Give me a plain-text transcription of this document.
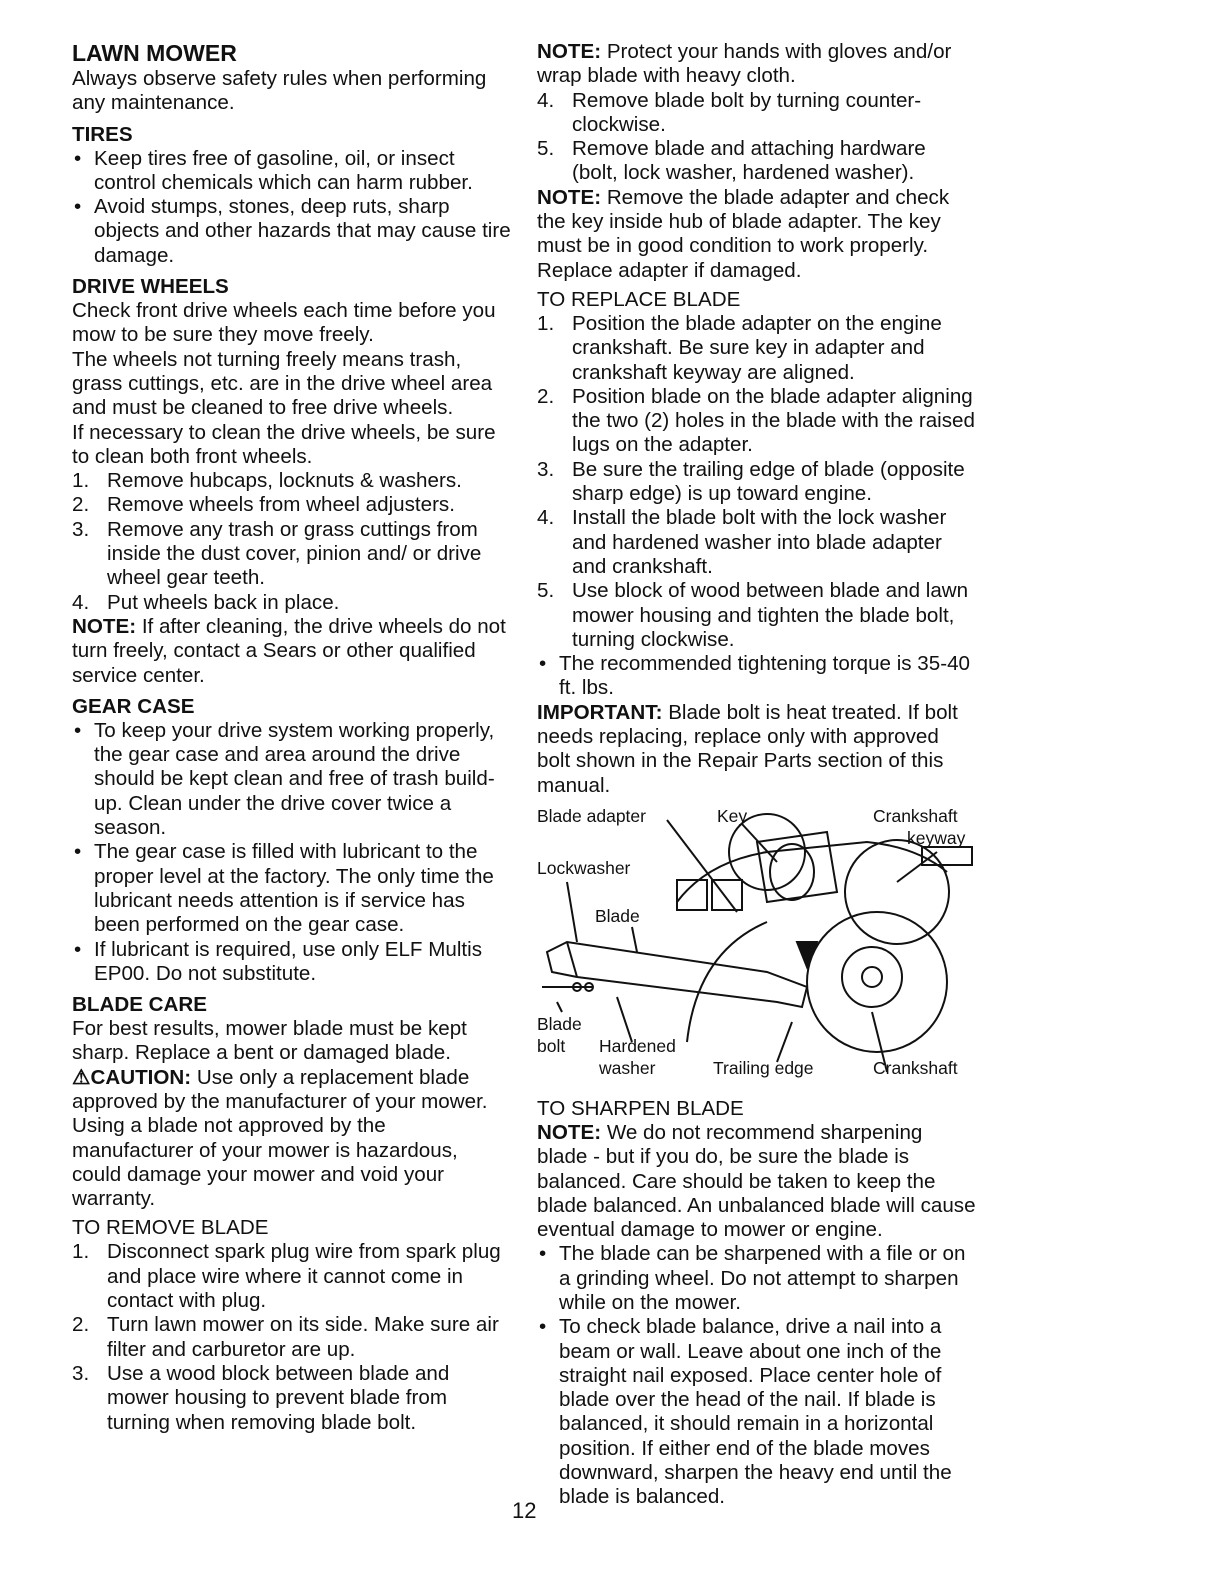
LAWN MOWER

Always observe safety rules when performing any maintenance.

TIRES
• Keep tires free of gasoline, oil, or insect control chemicals which can harm rubber.
• Avoid stumps, stones, deep ruts, sharp objects and other hazards that may cause tire damage.
DRIVE WHEELS

Check front drive wheels each time before you mow to be sure they move freely.

The wheels not turning freely means trash, grass cuttings, etc. are in the drive wheel area and must be cleaned to free drive wheels.

If necessary to clean the drive wheels, be sure to clean both front wheels.

1. Remove hubcaps, locknuts & washers.
2. Remove wheels from wheel adjusters.
3. Remove any trash or grass cuttings from inside the dust cover, pinion and/ or drive wheel gear teeth.
4. Put wheels back in place.

NOTE: If after cleaning, the drive wheels do not turn freely, contact a Sears or other qualified service center.

GEAR CASE
• To keep your drive system working properly, the gear case and area around the drive should be kept clean and free of trash build-up. Clean under the drive cover twice a season.
• The gear case is filled with lubricant to the proper level at the factory. The only time the lubricant needs attention is if service has been performed on the gear case.
• If lubricant is required, use only ELF Multis EP00. Do not substitute.
BLADE CARE

For best results, mower blade must be kept sharp. Replace a bent or damaged blade.

⚠CAUTION: Use only a replacement blade approved by the manufacturer of your mower. Using a blade not approved by the manufacturer of your mower is hazardous, could damage your mower and void your warranty.

TO REMOVE BLADE
1. Disconnect spark plug wire from spark plug and place wire where it cannot come in contact with plug.
2. Turn lawn mower on its side. Make sure air filter and carburetor are up.
3. Use a wood block between blade and mower housing to prevent blade from turning when removing blade bolt.

NOTE: Protect your hands with gloves and/or wrap blade with heavy cloth.

4. Remove blade bolt by turning counter-clockwise.
5. Remove blade and attaching hardware (bolt, lock washer, hardened washer).

NOTE: Remove the blade adapter and check the key inside hub of blade adapter. The key must be in good condition to work properly. Replace adapter if damaged.

TO REPLACE BLADE
1. Position the blade adapter on the engine crankshaft. Be sure key in adapter and crankshaft keyway are aligned.
2. Position blade on the blade adapter aligning the two (2) holes in the blade with the raised lugs on the adapter.
3. Be sure the trailing edge of blade (opposite sharp edge) is up toward engine.
4. Install the blade bolt with the lock washer and hardened washer into blade adapter and crankshaft.
5. Use block of wood between blade and lawn mower housing and tighten the blade bolt, turning clockwise.
• The recommended tightening torque is 35-40 ft. lbs.

IMPORTANT: Blade bolt is heat treated. If bolt needs replacing, replace only with approved bolt shown in the Repair Parts section of this manual.

Blade adapter	Key	Crankshaft
keyway
Lockwasher
Blade
Blade
bolt Hardened
washer	Trailing edge	Crankshaft
TO SHARPEN BLADE

NOTE: We do not recommend sharpening blade - but if you do, be sure the blade is balanced. Care should be taken to keep the blade balanced. An unbalanced blade will cause eventual damage to mower or engine.

• The blade can be sharpened with a file or on a grinding wheel. Do not attempt to sharpen while on the mower.
• To check blade balance, drive a nail into a beam or wall. Leave about one inch of the straight nail exposed. Place center hole of blade over the head of the nail. If blade is balanced, it should remain in a horizontal position. If either end of the blade moves downward, sharpen the heavy end until the blade is balanced.
12
